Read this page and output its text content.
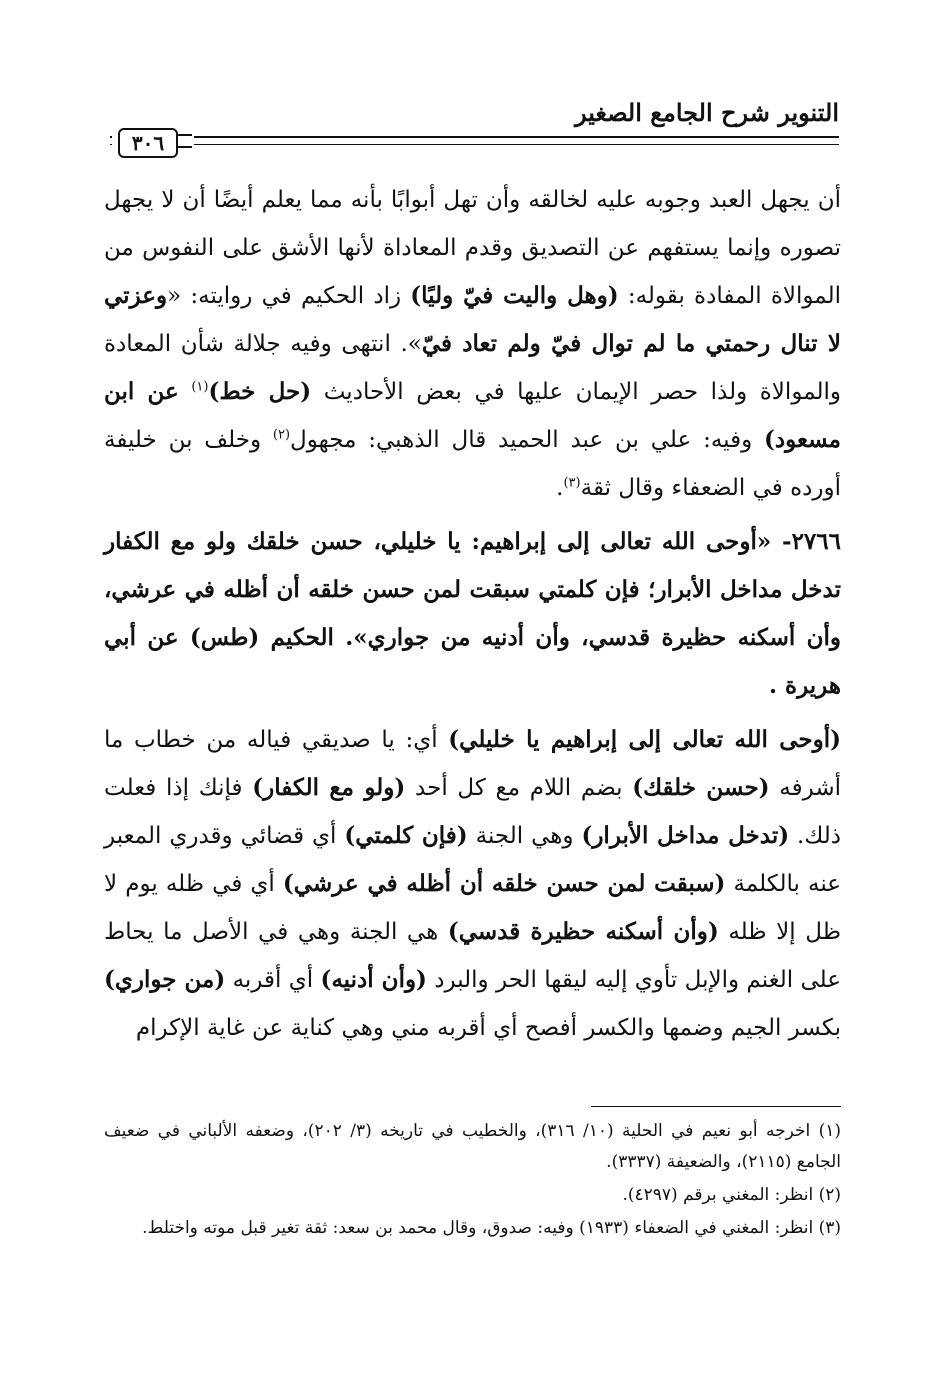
التنوير شرح الجامع الصغير
٣٠٦

أن يجهل العبد وجوبه عليه لخالقه وأن تهل أبوابًا بأنه مما يعلم أيضًا أن لا يجهل تصوره وإنما يستفهم عن التصديق وقدم المعاداة لأنها الأشق على النفوس من الموالاة المفادة بقوله: (وهل واليت فيّ وليًا) زاد الحكيم في روايته: «وعزتي لا تنال رحمتي ما لم توال فيّ ولم تعاد فيّ». انتهى وفيه جلالة شأن المعادة والموالاة ولذا حصر الإيمان عليها في بعض الأحاديث (حل خط)$^{(١)}$ عن ابن مسعود) وفيه: علي بن عبد الحميد قال الذهبي: مجهول$^{(٢)}$ وخلف بن خليفة أورده في الضعفاء وقال ثقة$^{(٣)}$.

٢٧٦٦- «أوحى الله تعالى إلى إبراهيم: يا خليلي، حسن خلقك ولو مع الكفار تدخل مداخل الأبرار؛ فإن كلمتي سبقت لمن حسن خلقه أن أظله في عرشي، وأن أسكنه حظيرة قدسي، وأن أدنيه من جواري». الحكيم (طس) عن أبي هريرة .

(أوحى الله تعالى إلى إبراهيم يا خليلي) أي: يا صديقي فياله من خطاب ما أشرفه (حسن خلقك) بضم اللام مع كل أحد (ولو مع الكفار) فإنك إذا فعلت ذلك. (تدخل مداخل الأبرار) وهي الجنة (فإن كلمتي) أي قضائي وقدري المعبر عنه بالكلمة (سبقت لمن حسن خلقه أن أظله في عرشي) أي في ظله يوم لا ظل إلا ظله (وأن أسكنه حظيرة قدسي) هي الجنة وهي في الأصل ما يحاط على الغنم والإبل تأوي إليه ليقها الحر والبرد (وأن أدنيه) أي أقربه (من جواري) بكسر الجيم وضمها والكسر أفصح أي أقربه مني وهي كناية عن غاية الإكرام

(١) اخرجه أبو نعيم في الحلية (١٠/ ٣١٦)، والخطيب في تاريخه (٣/ ٢٠٢)، وضعفه الألباني في ضعيف الجامع (٢١١٥)، والضعيفة (٣٣٣٧).

(٢) انظر: المغني برقم (٤٢٩٧).

(٣) انظر: المغني في الضعفاء (١٩٣٣) وفيه: صدوق، وقال محمد بن سعد: ثقة تغير قبل موته واختلط.
